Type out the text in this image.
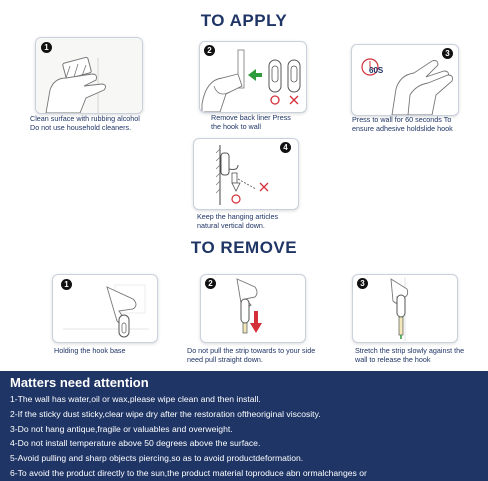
TO APPLY
1
Clean surface with rubbing alcohol
Do not use household cleaners.
2
Remove back liner Press
the hook to wall
3
60S
Press to wall for 60 seconds To
ensure adhesive holdslide hook
4
Keep the hanging articles
natural vertical down.
TO REMOVE
1
Holding the hook base
2
Do not pull the strip towards to your side
need pull straight down.
3
Stretch the strip slowly against the
wall to release the hook
Matters need attention
1-The wall has water,oil or wax,please wipe clean and then install.
2-If the sticky dust sticky,clear wipe dry after the restoration oftheoriginal viscosity.
3-Do not hang antique,fragile or valuables and overweight.
4-Do not install temperature above 50 degrees above the surface.
5-Avoid pulling and sharp objects piercing,so as to avoid productdeformation.
6-To avoid the product directly to the sun,the product material toproduce abn ormalchanges or
